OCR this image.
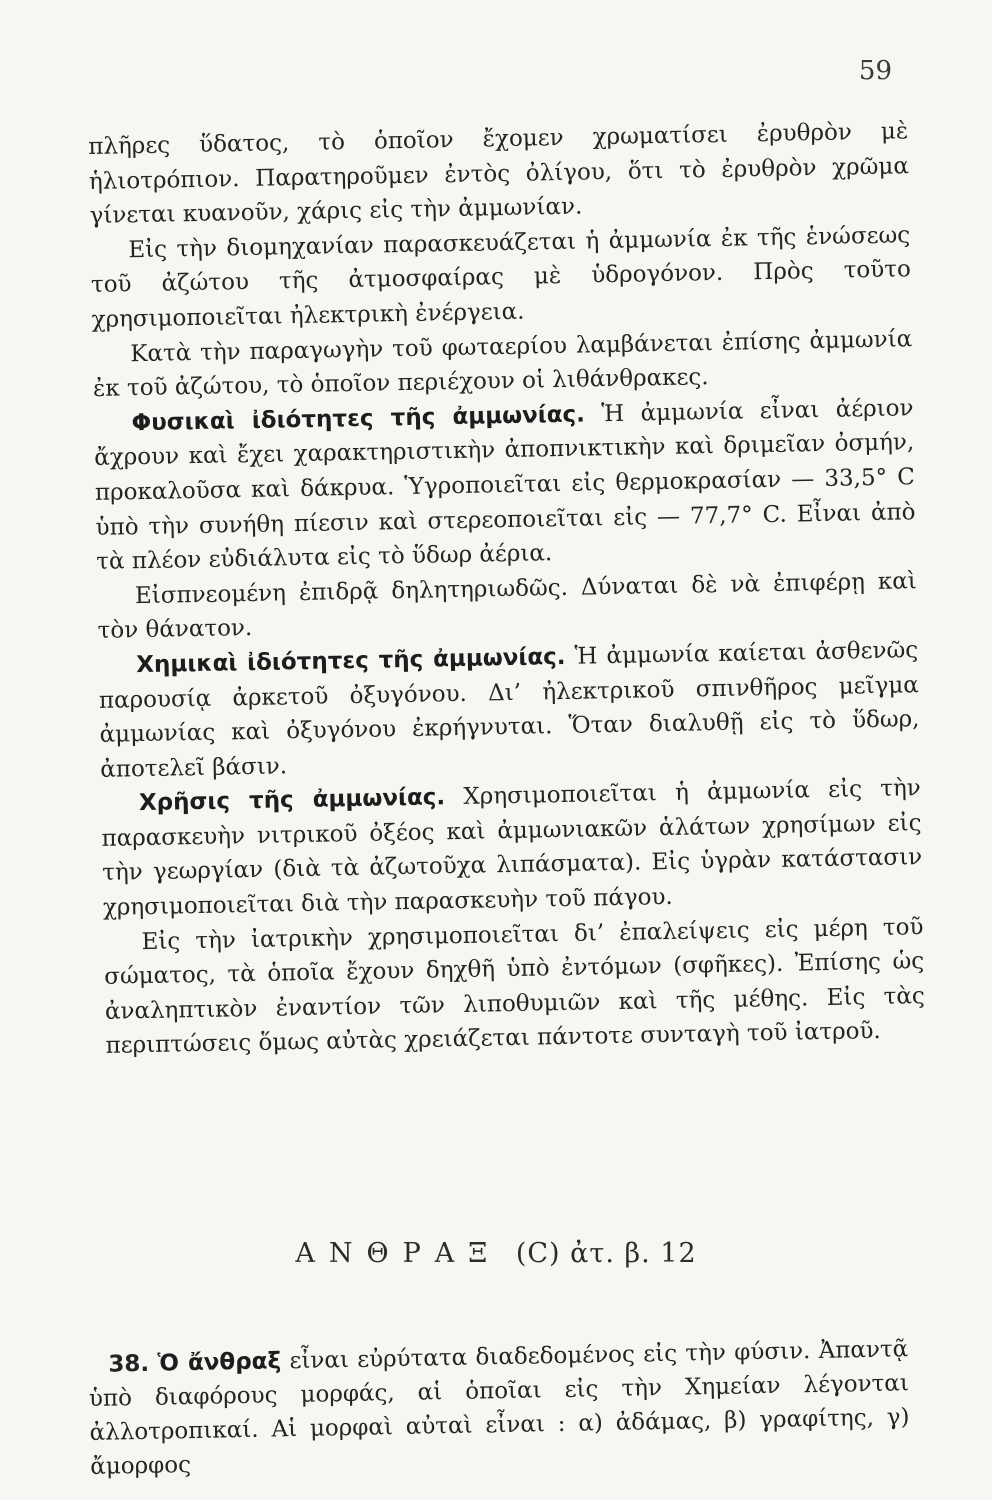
59

πλῆρες ὕδατος, τὸ ὁποῖον ἔχομεν χρωματίσει ἐρυθρὸν μὲ ἡλιοτρόπιον. Παρατηροῦμεν ἐντὸς ὀλίγου, ὅτι τὸ ἐρυθρὸν χρῶμα γίνεται κυανοῦν, χάρις εἰς τὴν ἀμμωνίαν.

Εἰς τὴν διομηχανίαν παρασκευάζεται ἡ ἀμμωνία ἐκ τῆς ἑνώσεως τοῦ ἀζώτου τῆς ἀτμοσφαίρας μὲ ὑδρογόνον. Πρὸς τοῦτο χρησιμοποιεῖται ἠλεκτρικὴ ἐνέργεια.

Κατὰ τὴν παραγωγὴν τοῦ φωταερίου λαμβάνεται ἐπίσης ἀμμωνία ἐκ τοῦ ἀζώτου, τὸ ὁποῖον περιέχουν οἱ λιθάνθρακες.

Φυσικαὶ ἰδιότητες τῆς ἀμμωνίας. Ἡ ἀμμωνία εἶναι ἀέριον ἄχρουν καὶ ἔχει χαρακτηριστικὴν ἀποπνικτικὴν καὶ δριμεῖαν ὀσμήν, προκαλοῦσα καὶ δάκρυα. Ὑγροποιεῖται εἰς θερμοκρασίαν — 33,5° C ὑπὸ τὴν συνήθη πίεσιν καὶ στερεοποιεῖται εἰς — 77,7° C. Εἶναι ἀπὸ τὰ πλέον εὐδιάλυτα εἰς τὸ ὕδωρ ἀέρια.

Εἰσπνεομένη ἐπιδρᾷ δηλητηριωδῶς. Δύναται δὲ νὰ ἐπιφέρῃ καὶ τὸν θάνατον.

Χημικαὶ ἰδιότητες τῆς ἀμμωνίας. Ἡ ἀμμωνία καίεται ἀσθενῶς παρουσίᾳ ἀρκετοῦ ὀξυγόνου. Δι’ ἠλεκτρικοῦ σπινθῆρος μεῖγμα ἀμμωνίας καὶ ὀξυγόνου ἐκρήγνυται. Ὅταν διαλυθῇ εἰς τὸ ὕδωρ, ἀποτελεῖ βάσιν.

Χρῆσις τῆς ἀμμωνίας. Χρησιμοποιεῖται ἡ ἀμμωνία εἰς τὴν παρασκευὴν νιτρικοῦ ὀξέος καὶ ἀμμωνιακῶν ἁλάτων χρησίμων εἰς τὴν γεωργίαν (διὰ τὰ ἀζωτοῦχα λιπάσματα). Εἰς ὑγρὰν κατάστασιν χρησιμοποιεῖται διὰ τὴν παρασκευὴν τοῦ πάγου.

Εἰς τὴν ἰατρικὴν χρησιμοποιεῖται δι’ ἐπαλείψεις εἰς μέρη τοῦ σώματος, τὰ ὁποῖα ἔχουν δηχθῆ ὑπὸ ἐντόμων (σφῆκες). Ἐπίσης ὡς ἀναληπτικὸν ἐναντίον τῶν λιποθυμιῶν καὶ τῆς μέθης. Εἰς τὰς περιπτώσεις ὅμως αὐτὰς χρειάζεται πάντοτε συνταγὴ τοῦ ἰατροῦ.

ΑΝΘΡΑΞ (C) ἀτ. β. 12

38. Ὁ ἄνθραξ εἶναι εὐρύτατα διαδεδομένος εἰς τὴν φύσιν. Ἀπαντᾷ ὑπὸ διαφόρους μορφάς, αἱ ὁποῖαι εἰς τὴν Χημείαν λέγονται ἀλλοτροπικαί. Αἱ μορφαὶ αὐταὶ εἶναι : α) ἀδάμας, β) γραφίτης, γ) ἄμορφος
